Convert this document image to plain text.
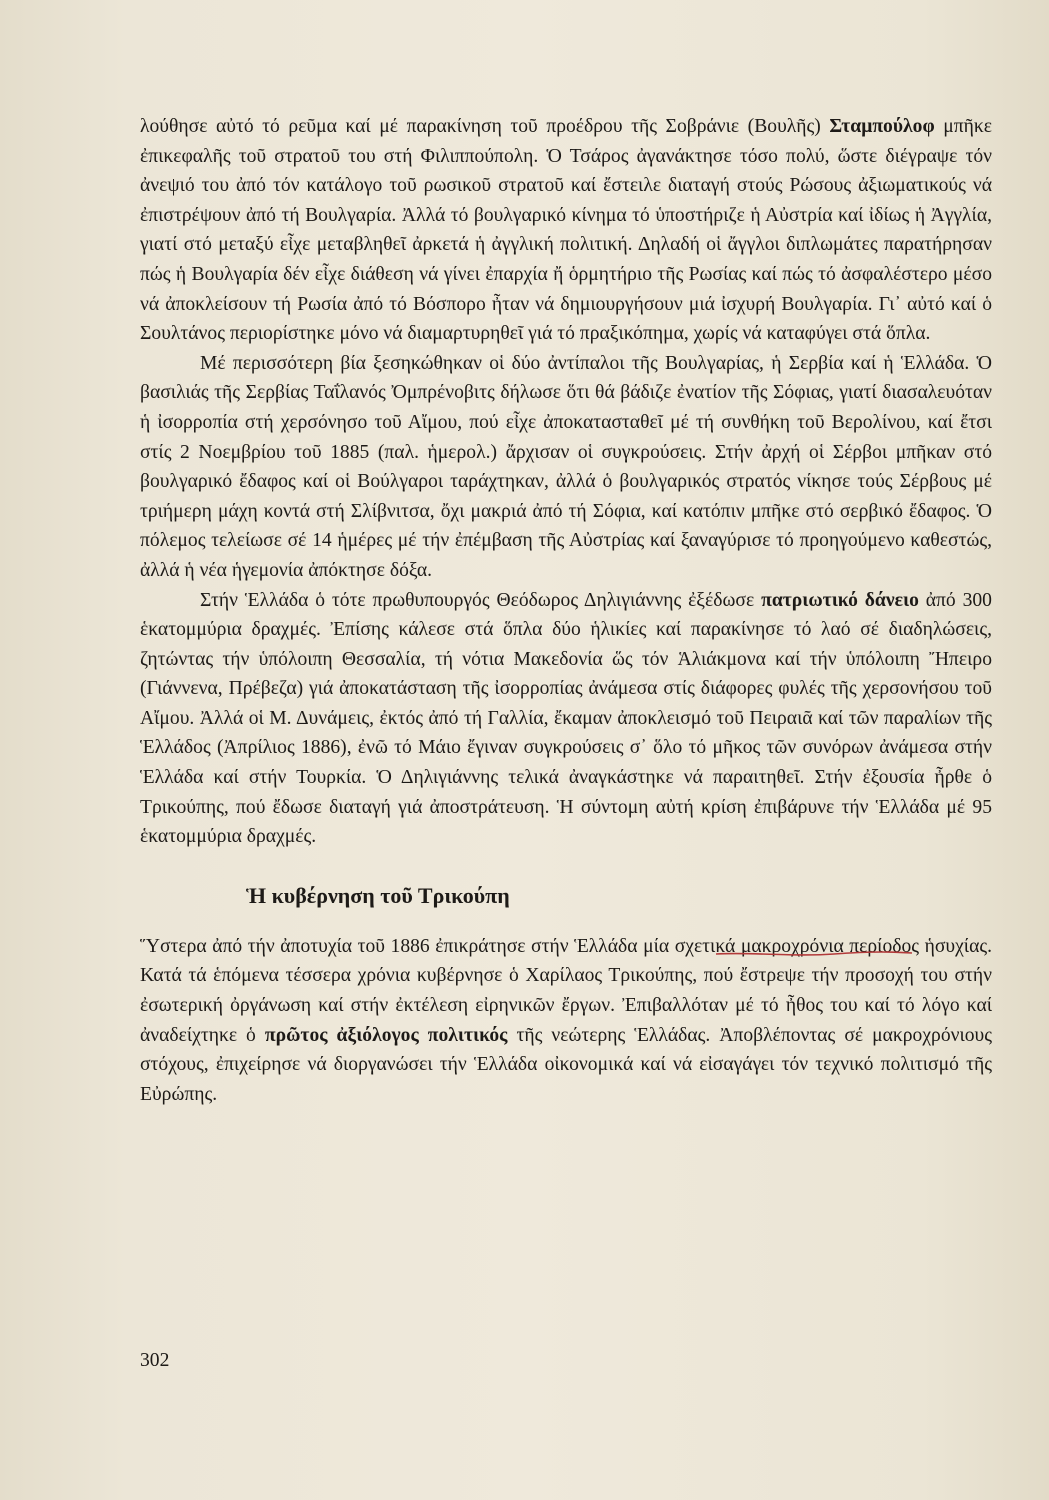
λούθησε αὐτό τό ρεῦμα καί μέ παρακίνηση τοῦ προέδρου τῆς Σοβράνιε (Βουλῆς) Σταμπούλοφ μπῆκε ἐπικεφαλῆς τοῦ στρατοῦ του στή Φιλιππούπολη. Ὁ Τσάρος ἀγανάκτησε τόσο πολύ, ὥστε διέγραψε τόν ἀνεψιό του ἀπό τόν κατάλογο τοῦ ρωσικοῦ στρατοῦ καί ἔστειλε διαταγή στούς Ρώσους ἀξιωματικούς νά ἐπιστρέψουν ἀπό τή Βουλγαρία. Ἀλλά τό βουλγαρικό κίνημα τό ὑποστήριζε ἡ Αὐστρία καί ἰδίως ἡ Ἀγγλία, γιατί στό μεταξύ εἶχε μεταβληθεῖ ἀρκετά ἡ ἀγγλική πολιτική. Δηλαδή οἱ ἄγγλοι διπλωμάτες παρατήρησαν πώς ἡ Βουλγαρία δέν εἶχε διάθεση νά γίνει ἐπαρχία ἤ ὁρμητήριο τῆς Ρωσίας καί πώς τό ἀσφαλέστερο μέσο νά ἀποκλείσουν τή Ρωσία ἀπό τό Βόσπορο ἦταν νά δημιουργήσουν μιά ἰσχυρή Βουλγαρία. Γι᾽ αὐτό καί ὁ Σουλτάνος περιορίστηκε μόνο νά διαμαρτυρηθεῖ γιά τό πραξικόπημα, χωρίς νά καταφύγει στά ὅπλα.

Μέ περισσότερη βία ξεσηκώθηκαν οἱ δύο ἀντίπαλοι τῆς Βουλγαρίας, ἡ Σερβία καί ἡ Ἑλλάδα. Ὁ βασιλιάς τῆς Σερβίας Ταΐλανός Ὀμπρένοβιτς δήλωσε ὅτι θά βάδιζε ἐνατίον τῆς Σόφιας, γιατί διασαλευόταν ἡ ἰσορροπία στή χερσόνησο τοῦ Αἴμου, πού εἶχε ἀποκατασταθεῖ μέ τή συνθήκη τοῦ Βερολίνου, καί ἔτσι στίς 2 Νοεμβρίου τοῦ 1885 (παλ. ἡμερολ.) ἄρχισαν οἱ συγκρούσεις. Στήν ἀρχή οἱ Σέρβοι μπῆκαν στό βουλγαρικό ἔδαφος καί οἱ Βούλγαροι ταράχτηκαν, ἀλλά ὁ βουλγαρικός στρατός νίκησε τούς Σέρβους μέ τριήμερη μάχη κοντά στή Σλίβνιτσα, ὄχι μακριά ἀπό τή Σόφια, καί κατόπιν μπῆκε στό σερβικό ἔδαφος. Ὁ πόλεμος τελείωσε σέ 14 ἡμέρες μέ τήν ἐπέμβαση τῆς Αὐστρίας καί ξαναγύρισε τό προηγούμενο καθεστώς, ἀλλά ἡ νέα ἡγεμονία ἀπόκτησε δόξα.

Στήν Ἑλλάδα ὁ τότε πρωθυπουργός Θεόδωρος Δηλιγιάννης ἐξέδωσε πατριωτικό δάνειο ἀπό 300 ἑκατομμύρια δραχμές. Ἐπίσης κάλεσε στά ὅπλα δύο ἡλικίες καί παρακίνησε τό λαό σέ διαδηλώσεις, ζητώντας τήν ὑπόλοιπη Θεσσαλία, τή νότια Μακεδονία ὥς τόν Ἁλιάκμονα καί τήν ὑπόλοιπη Ἤπειρο (Γιάννενα, Πρέβεζα) γιά ἀποκατάσταση τῆς ἰσορροπίας ἀνάμεσα στίς διάφορες φυλές τῆς χερσονήσου τοῦ Αἴμου. Ἀλλά οἱ Μ. Δυνάμεις, ἐκτός ἀπό τή Γαλλία, ἔκαμαν ἀποκλεισμό τοῦ Πειραιᾶ καί τῶν παραλίων τῆς Ἑλλάδος (Ἀπρίλιος 1886), ἐνῶ τό Μάιο ἔγιναν συγκρούσεις σ᾽ ὅλο τό μῆκος τῶν συνόρων ἀνάμεσα στήν Ἑλλάδα καί στήν Τουρκία. Ὁ Δηλιγιάννης τελικά ἀναγκάστηκε νά παραιτηθεῖ. Στήν ἐξουσία ἦρθε ὁ Τρικούπης, πού ἔδωσε διαταγή γιά ἀποστράτευση. Ἡ σύντομη αὐτή κρίση ἐπιβάρυνε τήν Ἑλλάδα μέ 95 ἑκατομμύρια δραχμές.

Ἡ κυβέρνηση τοῦ Τρικούπη

Ὕστερα ἀπό τήν ἀποτυχία τοῦ 1886 ἐπικράτησε στήν Ἑλλάδα μία σχετικά μακροχρόνια περίοδος ἡσυχίας. Κατά τά ἑπόμενα τέσσερα χρόνια κυβέρνησε ὁ Χαρίλαος Τρικούπης, πού ἔστρεψε τήν προσοχή του στήν ἐσωτερική ὀργάνωση καί στήν ἐκτέλεση εἰρηνικῶν ἔργων. Ἐπιβαλλόταν μέ τό ἦθος του καί τό λόγο καί ἀναδείχτηκε ὁ πρῶτος ἀξιόλογος πολιτικός τῆς νεώτερης Ἑλλάδας. Ἀποβλέποντας σέ μακροχρόνιους στόχους, ἐπιχείρησε νά διοργανώσει τήν Ἑλλάδα οἰκονομικά καί νά εἰσαγάγει τόν τεχνικό πολιτισμό τῆς Εὐρώπης.

302
